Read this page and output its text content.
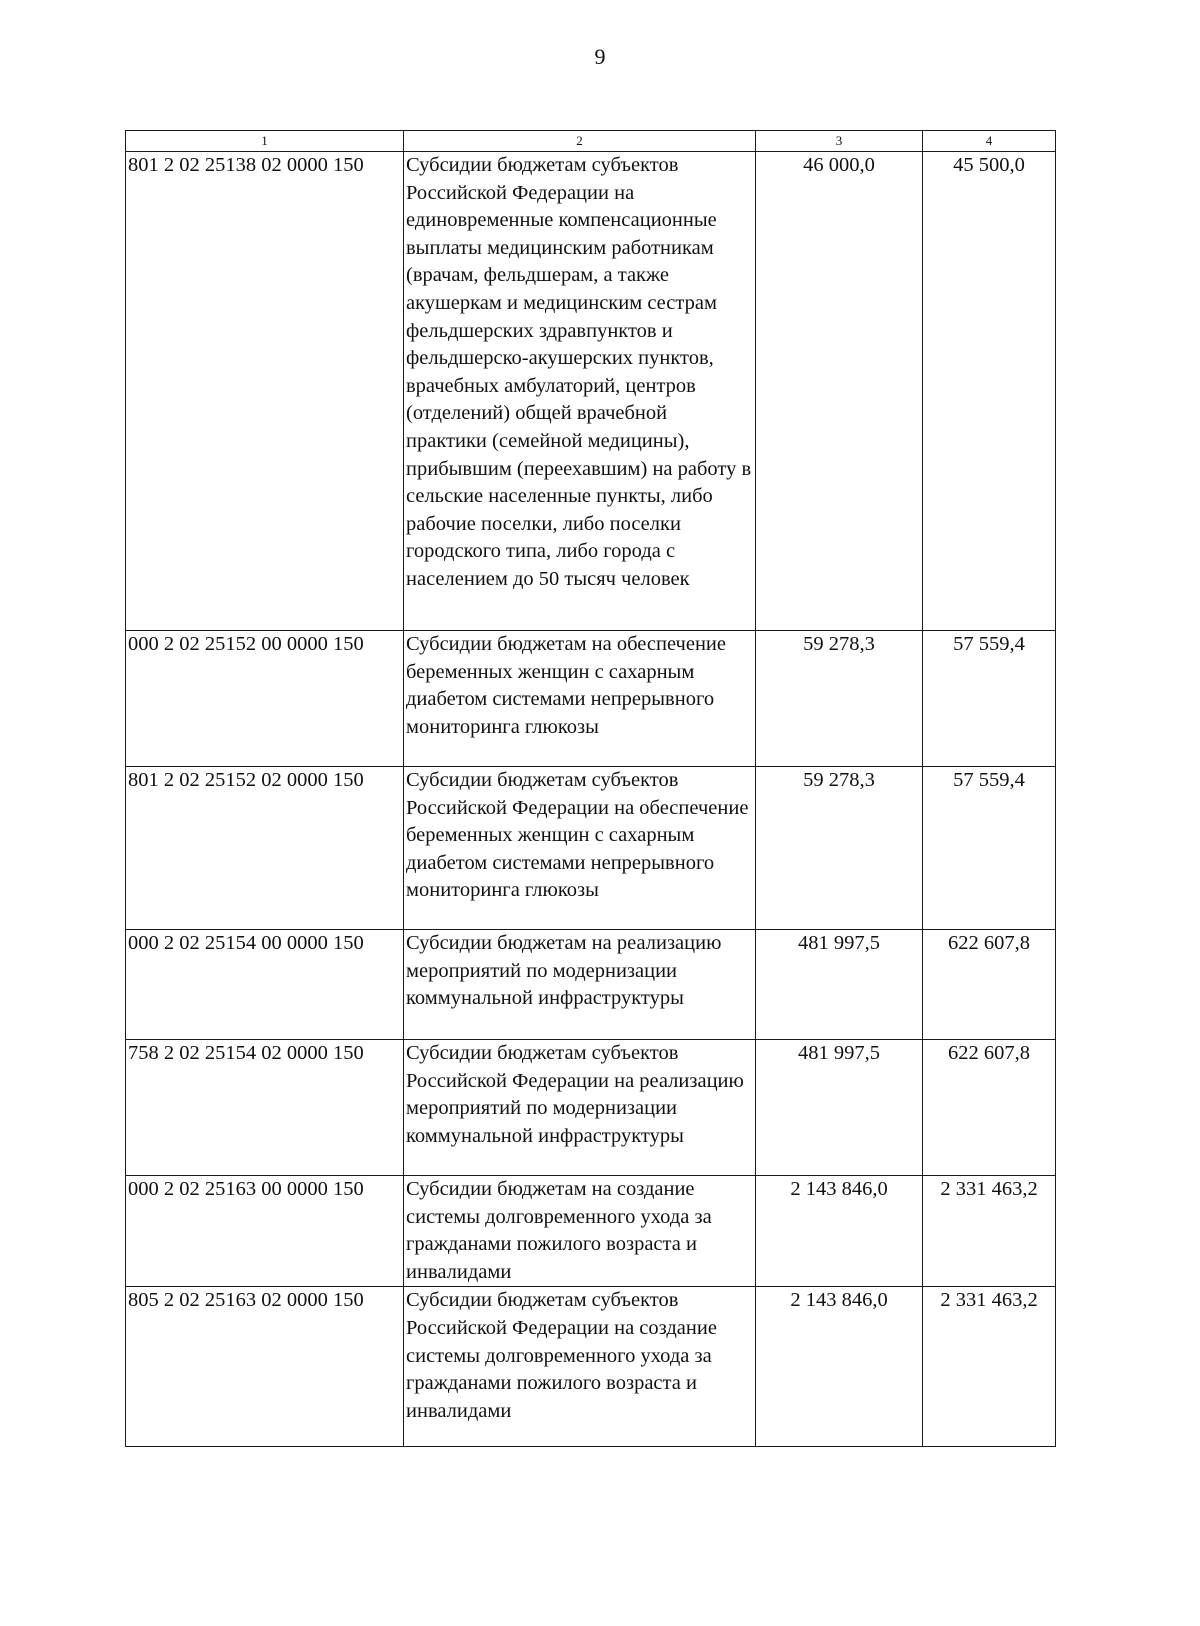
9
1	2	3	4
801 2 02 25138 02 0000 150	Субсидии бюджетам субъектов Российской Федерации на единовременные компенсационные выплаты медицинским работникам (врачам, фельдшерам, а также акушеркам и медицинским сестрам фельдшерских здравпунктов и фельдшерско-акушерских пунктов, врачебных амбулаторий, центров (отделений) общей врачебной практики (семейной медицины), прибывшим (переехавшим) на работу в сельские населенные пункты, либо рабочие поселки, либо поселки городского типа, либо города с населением до 50 тысяч человек	46 000,0	45 500,0
000 2 02 25152 00 0000 150	Субсидии бюджетам на обеспечение беременных женщин с сахарным диабетом системами непрерывного мониторинга глюкозы	59 278,3	57 559,4
801 2 02 25152 02 0000 150	Субсидии бюджетам субъектов Российской Федерации на обеспечение беременных женщин с сахарным диабетом системами непрерывного мониторинга глюкозы	59 278,3	57 559,4
000 2 02 25154 00 0000 150	Субсидии бюджетам на реализацию мероприятий по модернизации коммунальной инфраструктуры	481 997,5	622 607,8
758 2 02 25154 02 0000 150	Субсидии бюджетам субъектов Российской Федерации на реализацию мероприятий по модернизации коммунальной инфраструктуры	481 997,5	622 607,8
000 2 02 25163 00 0000 150	Субсидии бюджетам на создание системы долговременного ухода за гражданами пожилого возраста и инвалидами	2 143 846,0	2 331 463,2
805 2 02 25163 02 0000 150	Субсидии бюджетам субъектов Российской Федерации на создание системы долговременного ухода за гражданами пожилого возраста и инвалидами	2 143 846,0	2 331 463,2
